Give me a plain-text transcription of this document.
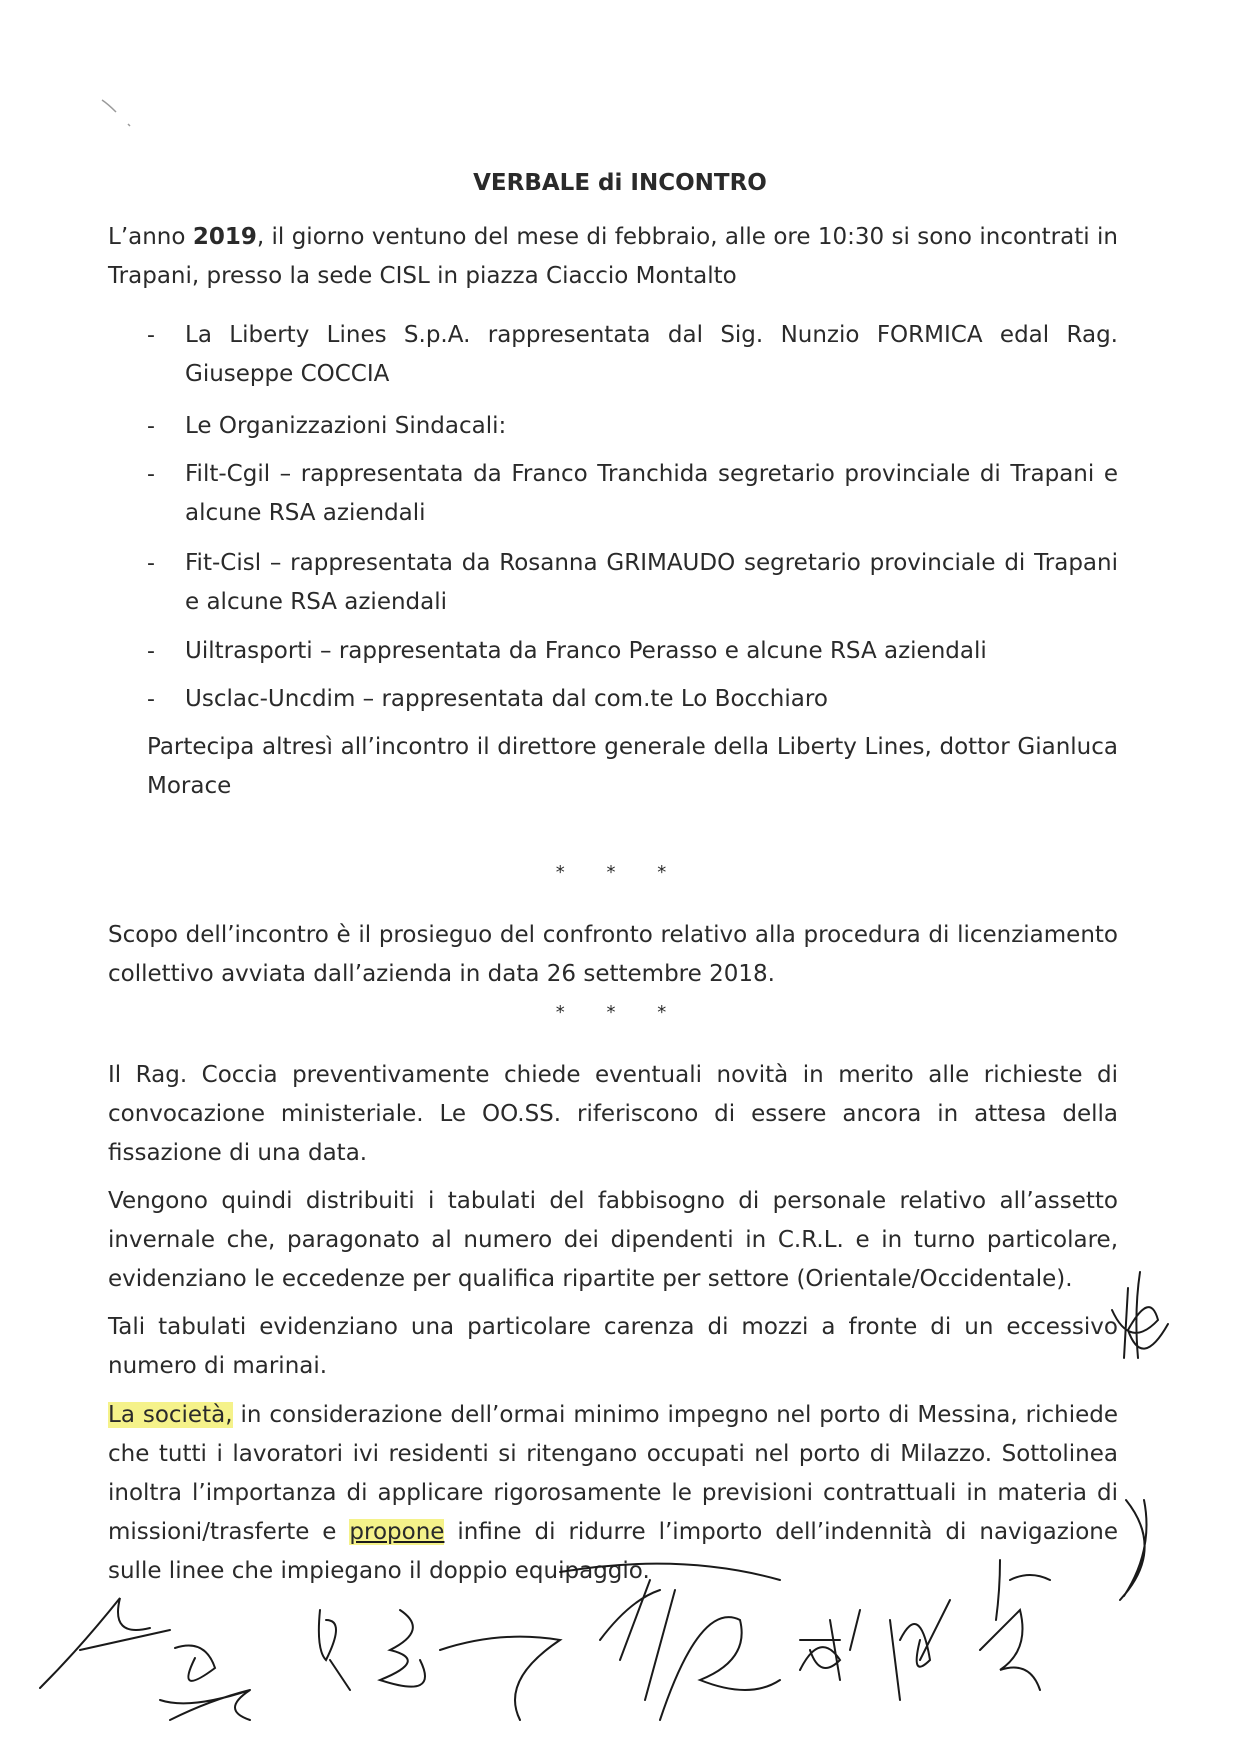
VERBALE di INCONTRO

L’anno 2019, il giorno ventuno del mese di febbraio, alle ore 10:30 si sono incontrati in Trapani, presso la sede CISL in piazza Ciaccio Montalto

- La Liberty Lines S.p.A. rappresentata dal Sig. Nunzio FORMICA edal Rag. Giuseppe COCCIA

- Le Organizzazioni Sindacali:

- Filt-Cgil – rappresentata da Franco Tranchida segretario provinciale di Trapani e alcune RSA aziendali

- Fit-Cisl – rappresentata da Rosanna GRIMAUDO segretario provinciale di Trapani e alcune RSA aziendali

- Uiltrasporti – rappresentata da Franco Perasso e alcune RSA aziendali

- Usclac-Uncdim – rappresentata dal com.te Lo Bocchiaro

Partecipa altresì all’incontro il direttore generale della Liberty Lines, dottor Gianluca Morace

* * *

Scopo dell’incontro è il prosieguo del confronto relativo alla procedura di licenziamento collettivo avviata dall’azienda in data 26 settembre 2018.

* * *

Il Rag. Coccia preventivamente chiede eventuali novità in merito alle richieste di convocazione ministeriale. Le OO.SS. riferiscono di essere ancora in attesa della fissazione di una data.

Vengono quindi distribuiti i tabulati del fabbisogno di personale relativo all’assetto invernale che, paragonato al numero dei dipendenti in C.R.L. e in turno particolare, evidenziano le eccedenze per qualifica ripartite per settore (Orientale/Occidentale).

Tali tabulati evidenziano una particolare carenza di mozzi a fronte di un eccessivo numero di marinai.

La società, in considerazione dell’ormai minimo impegno nel porto di Messina, richiede che tutti i lavoratori ivi residenti si ritengano occupati nel porto di Milazzo. Sottolinea inoltra l’importanza di applicare rigorosamente le previsioni contrattuali in materia di missioni/trasferte e propone infine di ridurre l’importo dell’indennità di navigazione sulle linee che impiegano il doppio equipaggio.
